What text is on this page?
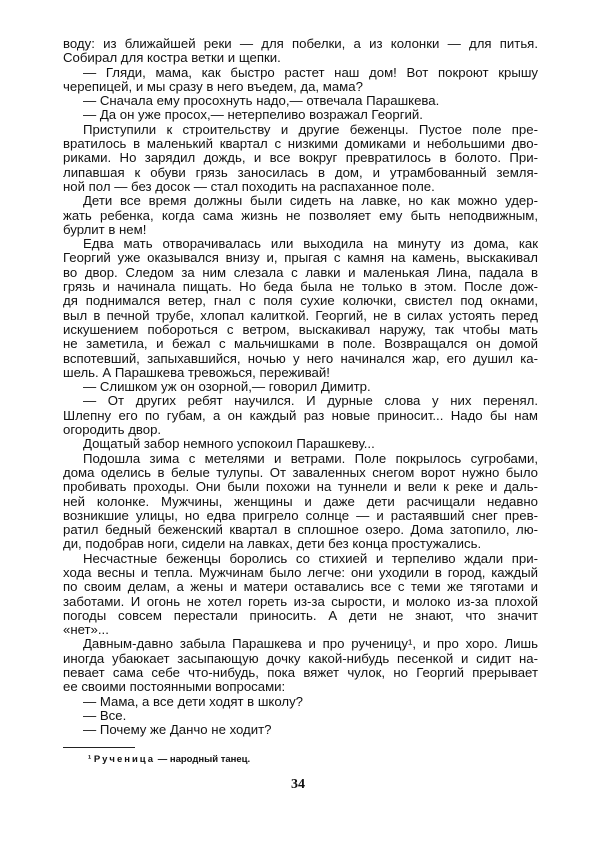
воду: из ближайшей реки — для побелки, а из колонки — для питья.
Собирал для костра ветки и щепки.
— Гляди, мама, как быстро растет наш дом! Вот покроют крышу
черепицей, и мы сразу в него въедем, да, мама?
— Сначала ему просохнуть надо,— отвечала Парашкева.
— Да он уже просох,— нетерпеливо возражал Георгий.
Приступили к строительству и другие беженцы. Пустое поле пре-
вратилось в маленький квартал с низкими домиками и небольшими дво-
риками. Но зарядил дождь, и все вокруг превратилось в болото. При-
липавшая к обуви грязь заносилась в дом, и утрамбованный земля-
ной пол — без досок — стал походить на распаханное поле.
Дети все время должны были сидеть на лавке, но как можно удер-
жать ребенка, когда сама жизнь не позволяет ему быть неподвижным,
бурлит в нем!
Едва мать отворачивалась или выходила на минуту из дома, как
Георгий уже оказывался внизу и, прыгая с камня на камень, выскакивал
во двор. Следом за ним слезала с лавки и маленькая Лина, падала в
грязь и начинала пищать. Но беда была не только в этом. После дож-
дя поднимался ветер, гнал с поля сухие колючки, свистел под окнами,
выл в печной трубе, хлопал калиткой. Георгий, не в силах устоять перед
искушением побороться с ветром, выскакивал наружу, так чтобы мать
не заметила, и бежал с мальчишками в поле. Возвращался он домой
вспотевший, запыхавшийся, ночью у него начинался жар, его душил ка-
шель. А Парашкева тревожься, переживай!
— Слишком уж он озорной,— говорил Димитр.
— От других ребят научился. И дурные слова у них перенял.
Шлепну его по губам, а он каждый раз новые приносит... Надо бы нам
огородить двор.
Дощатый забор немного успокоил Парашкеву...
Подошла зима с метелями и ветрами. Поле покрылось сугробами,
дома оделись в белые тулупы. От заваленных снегом ворот нужно было
пробивать проходы. Они были похожи на туннели и вели к реке и даль-
ней колонке. Мужчины, женщины и даже дети расчищали недавно
возникшие улицы, но едва пригрело солнце — и растаявший снег прев-
ратил бедный беженский квартал в сплошное озеро. Дома затопило, лю-
ди, подобрав ноги, сидели на лавках, дети без конца простужались.
Несчастные беженцы боролись со стихией и терпеливо ждали при-
хода весны и тепла. Мужчинам было легче: они уходили в город, каждый
по своим делам, а жены и матери оставались все с теми же тяготами и
заботами. И огонь не хотел гореть из-за сырости, и молоко из-за плохой
погоды совсем перестали приносить. А дети не знают, что значит
«нет»...
Давным-давно забыла Парашкева и про рученицу¹, и про хоро. Лишь
иногда убаюкает засыпающую дочку какой-нибудь песенкой и сидит на-
певает сама себе что-нибудь, пока вяжет чулок, но Георгий прерывает
ее своими постоянными вопросами:
— Мама, а все дети ходят в школу?
— Все.
— Почему же Данчо не ходит?
¹ Рученица — народный танец.
34
